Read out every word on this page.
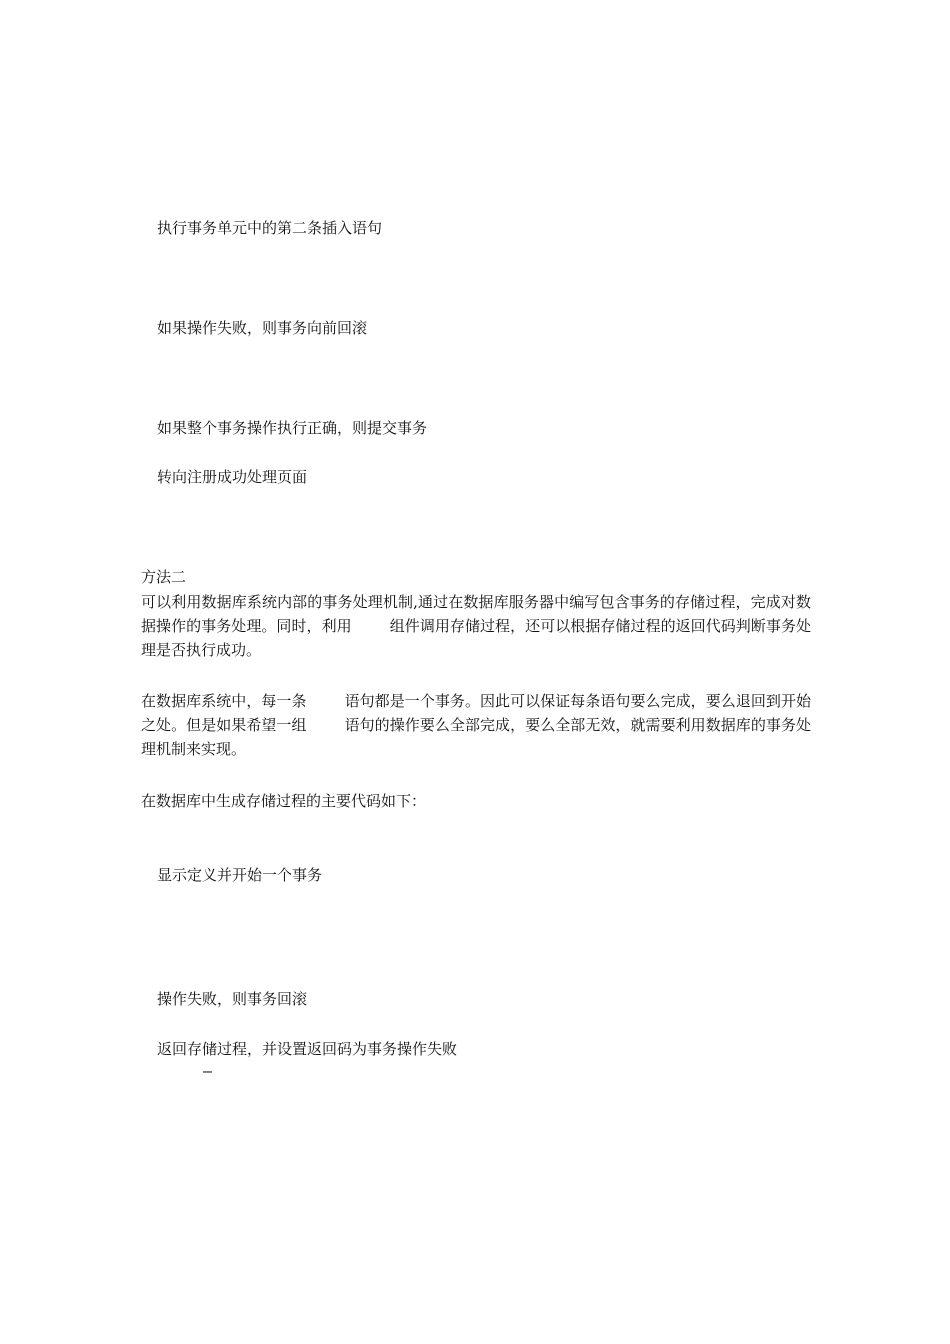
执行事务单元中的第二条插入语句

如果操作失败，则事务向前回滚

如果整个事务操作执行正确，则提交事务

转向注册成功处理页面

方法二

可以利用数据库系统内部的事务处理机制,通过在数据库服务器中编写包含事务的存储过程，完成对数据操作的事务处理。同时，利用	组件调用存储过程，还可以根据存储过程的返回代码判断事务处理是否执行成功。

在数据库系统中，每一条	语句都是一个事务。因此可以保证每条语句要么完成，要么退回到开始之处。但是如果希望一组	语句的操作要么全部完成，要么全部无效，就需要利用数据库的事务处理机制来实现。

在数据库中生成存储过程的主要代码如下：

显示定义并开始一个事务

操作失败，则事务回滚

返回存储过程，并设置返回码为事务操作失败

—
